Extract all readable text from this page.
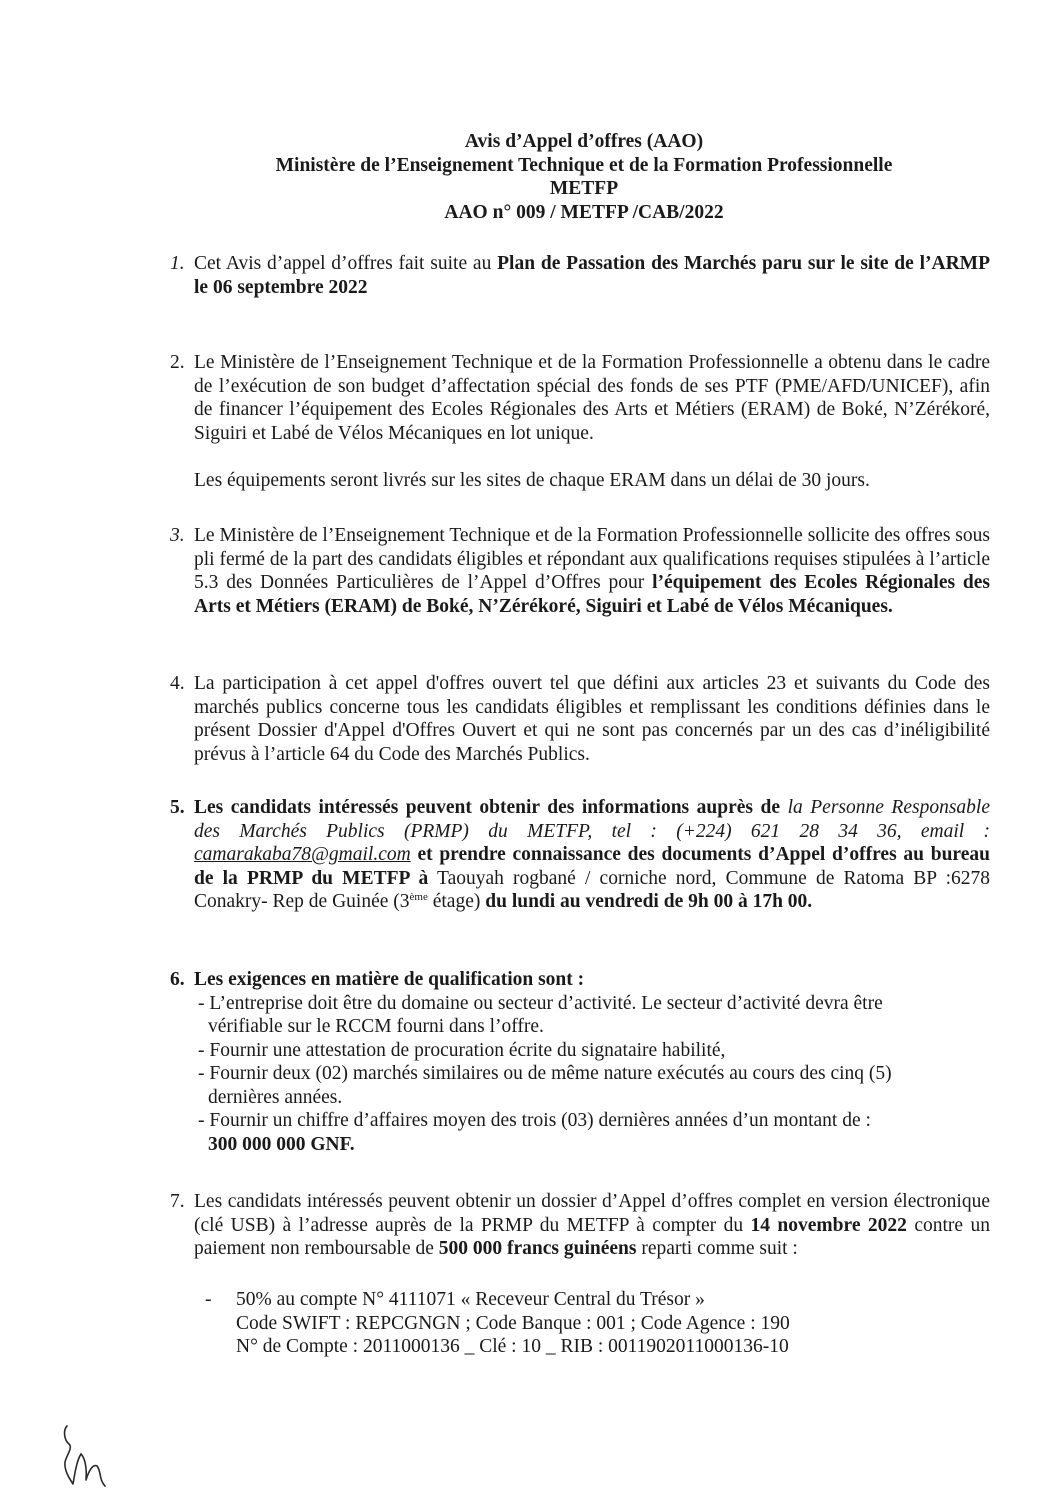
Avis d’Appel d’offres (AAO)
Ministère de l’Enseignement Technique et de la Formation Professionnelle
METFP
AAO n° 009 / METFP /CAB/2022
1. Cet Avis d’appel d’offres fait suite au Plan de Passation des Marchés paru sur le site de l’ARMP le 06 septembre 2022

2. Le Ministère de l’Enseignement Technique et de la Formation Professionnelle a obtenu dans le cadre de l’exécution de son budget d’affectation spécial des fonds de ses PTF (PME/AFD/UNICEF), afin de financer l’équipement des Ecoles Régionales des Arts et Métiers (ERAM) de Boké, N’Zérékoré, Siguiri et Labé de Vélos Mécaniques en lot unique.

Les équipements seront livrés sur les sites de chaque ERAM dans un délai de 30 jours.

3. Le Ministère de l’Enseignement Technique et de la Formation Professionnelle sollicite des offres sous pli fermé de la part des candidats éligibles et répondant aux qualifications requises stipulées à l’article 5.3 des Données Particulières de l’Appel d’Offres pour l’équipement des Ecoles Régionales des Arts et Métiers (ERAM) de Boké, N’Zérékoré, Siguiri et Labé de Vélos Mécaniques.

4. La participation à cet appel d'offres ouvert tel que défini aux articles 23 et suivants du Code des marchés publics concerne tous les candidats éligibles et remplissant les conditions définies dans le présent Dossier d'Appel d'Offres Ouvert et qui ne sont pas concernés par un des cas d’inéligibilité prévus à l’article 64 du Code des Marchés Publics.

5. Les candidats intéressés peuvent obtenir des informations auprès de la Personne Responsable des Marchés Publics (PRMP) du METFP, tel : (+224) 621 28 34 36, email : camarakaba78@gmail.com et prendre connaissance des documents d’Appel d’offres au bureau de la PRMP du METFP à Taouyah rogbané / corniche nord, Commune de Ratoma BP :6278 Conakry- Rep de Guinée (3ème étage) du lundi au vendredi de 9h 00 à 17h 00.

6. Les exigences en matière de qualification sont :

- L’entreprise doit être du domaine ou secteur d’activité. Le secteur d’activité devra être
vérifiable sur le RCCM fourni dans l’offre.
- Fournir une attestation de procuration écrite du signataire habilité,
- Fournir deux (02) marchés similaires ou de même nature exécutés au cours des cinq (5)
dernières années.
- Fournir un chiffre d’affaires moyen des trois (03) dernières années d’un montant de :
300 000 000 GNF.
7. Les candidats intéressés peuvent obtenir un dossier d’Appel d’offres complet en version électronique (clé USB) à l’adresse auprès de la PRMP du METFP à compter du 14 novembre 2022 contre un paiement non remboursable de 500 000 francs guinéens reparti comme suit :

- 50% au compte N° 4111071 « Receveur Central du Trésor »
Code SWIFT : REPCGNGN ; Code Banque : 001 ; Code Agence : 190
N° de Compte : 2011000136 _ Clé : 10 _ RIB : 0011902011000136-10
